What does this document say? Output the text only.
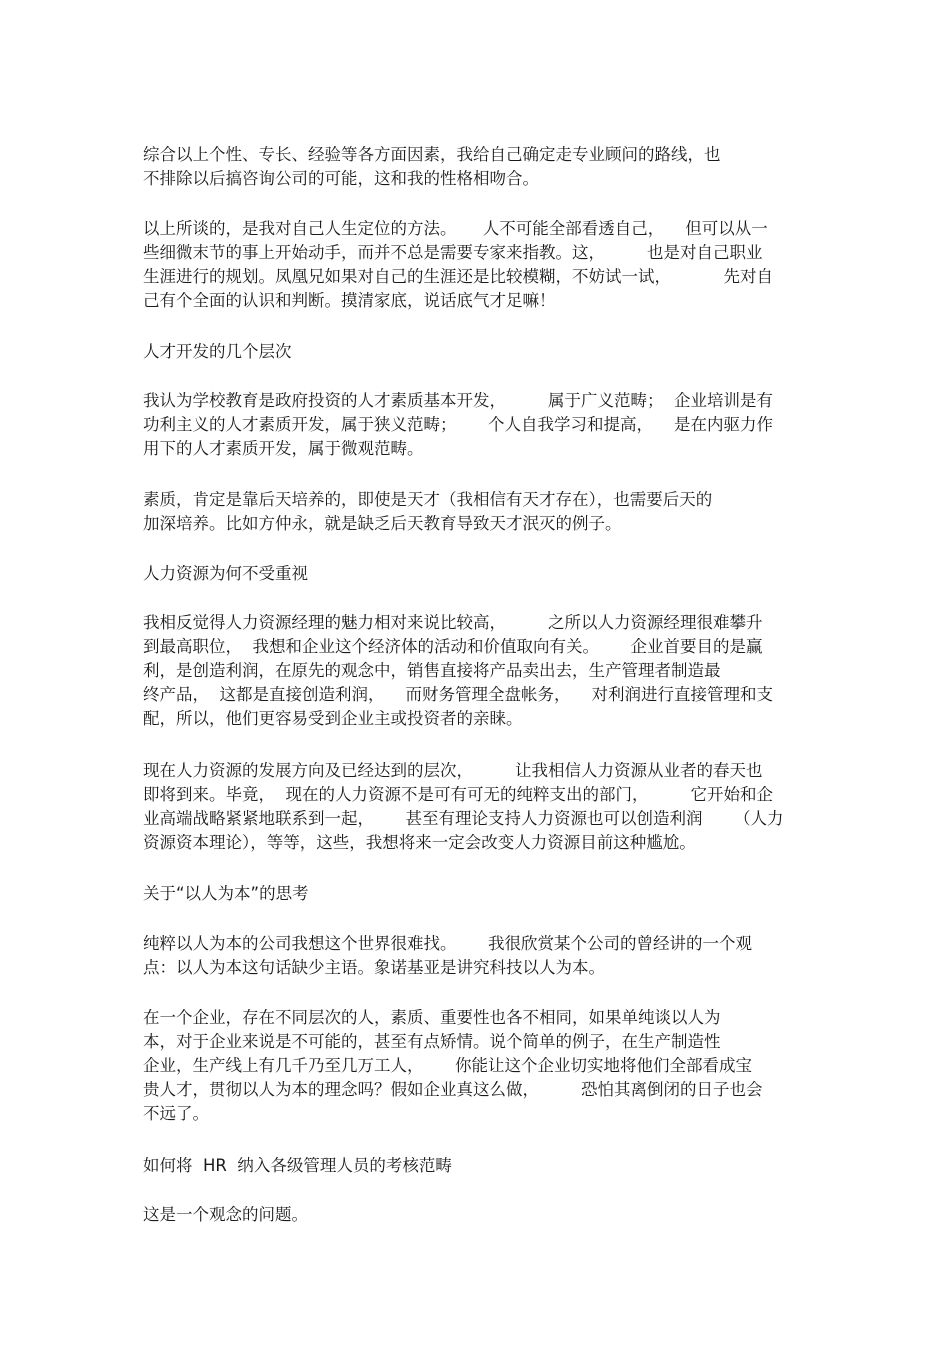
综合以上个性、专长、经验等各方面因素，我给自己确定走专业顾问的路线，也
不排除以后搞咨询公司的可能，这和我的性格相吻合。
以上所谈的，是我对自己人生定位的方法。     人不可能全部看透自己，    但可以从一
些细微末节的事上开始动手，而并不总是需要专家来指教。这，        也是对自己职业
生涯进行的规划。凤凰兄如果对自己的生涯还是比较模糊，不妨试一试，          先对自
己有个全面的认识和判断。摸清家底，说话底气才足嘛！
人才开发的几个层次
我认为学校教育是政府投资的人才素质基本开发，        属于广义范畴；  企业培训是有
功利主义的人才素质开发，属于狭义范畴；      个人自我学习和提高，    是在内驱力作
用下的人才素质开发，属于微观范畴。
素质，肯定是靠后天培养的，即使是天才（我相信有天才存在），也需要后天的
加深培养。比如方仲永，就是缺乏后天教育导致天才泯灭的例子。
人力资源为何不受重视
我相反觉得人力资源经理的魅力相对来说比较高，        之所以人力资源经理很难攀升
到最高职位，  我想和企业这个经济体的活动和价值取向有关。      企业首要目的是赢
利，是创造利润，在原先的观念中，销售直接将产品卖出去，生产管理者制造最
终产品，  这都是直接创造利润，    而财务管理全盘帐务，    对利润进行直接管理和支
配，所以，他们更容易受到企业主或投资者的亲睐。
现在人力资源的发展方向及已经达到的层次，        让我相信人力资源从业者的春天也
即将到来。毕竟，  现在的人力资源不是可有可无的纯粹支出的部门，        它开始和企
业高端战略紧紧地联系到一起，      甚至有理论支持人力资源也可以创造利润      （人力
资源资本理论），等等，这些，我想将来一定会改变人力资源目前这种尴尬。
关于“以人为本”的思考
纯粹以人为本的公司我想这个世界很难找。      我很欣赏某个公司的曾经讲的一个观
点：以人为本这句话缺少主语。象诺基亚是讲究科技以人为本。
在一个企业，存在不同层次的人，素质、重要性也各不相同，如果单纯谈以人为
本，对于企业来说是不可能的，甚至有点矫情。说个简单的例子，在生产制造性
企业，生产线上有几千乃至几万工人，      你能让这个企业切实地将他们全部看成宝
贵人才，贯彻以人为本的理念吗？假如企业真这么做，        恐怕其离倒闭的日子也会
不远了。
如何将  HR  纳入各级管理人员的考核范畴
这是一个观念的问题。
